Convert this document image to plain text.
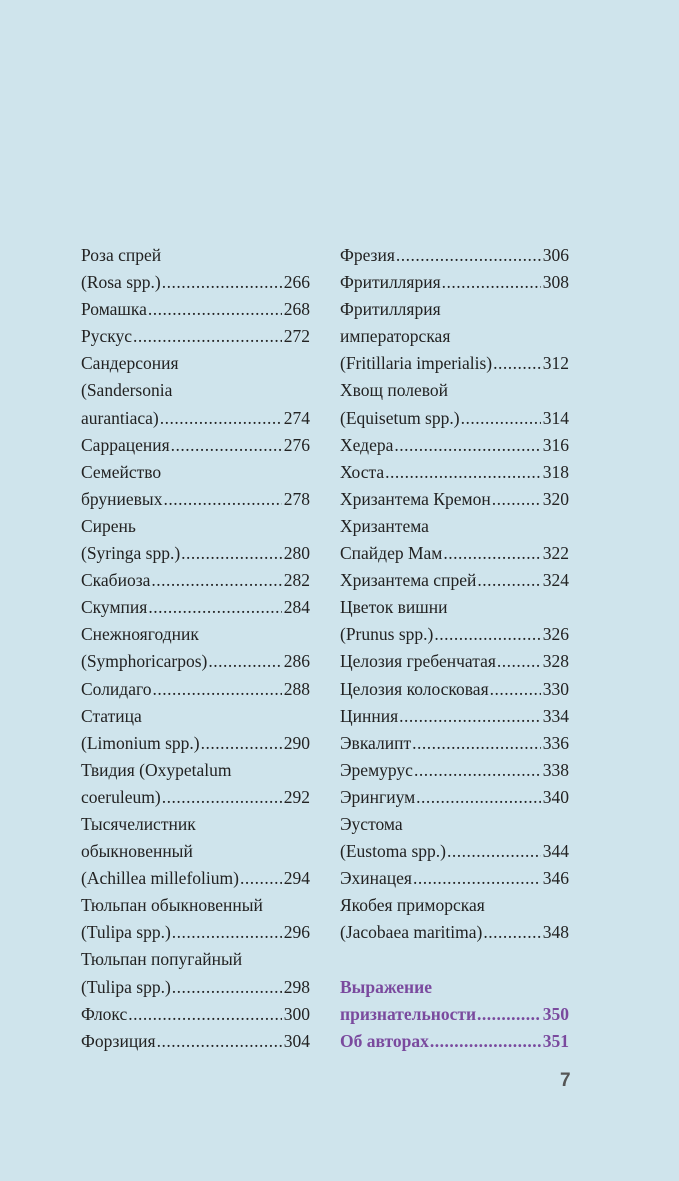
Роза спрей
(Rosa spp.) .....	266
Ромашка .....	268
Рускус .....	272
Сандерсония
(Sandersonia
aurantiaca) .....	274
Саррацения .....	276
Семейство
бруниевых .....	278
Сирень
(Syringa spp.) .....	280
Скабиоза .....	282
Скумпия .....	284
Снежноягодник
(Symphoricarpos) .....	286
Солидаго .....	288
Статица
(Limonium spp.) .....	290
Твидия (Oxypetalum
coeruleum) .....	292
Тысячелистник
обыкновенный
(Achillea millefolium) .....	294
Тюльпан обыкновенный
(Tulipa spp.) .....	296
Тюльпан попугайный
(Tulipa spp.) .....	298
Флокс .....	300
Форзиция .....	304
Фрезия .....	306
Фритиллярия .....	308
Фритиллярия
императорская
(Fritillaria imperialis) .....	312
Хвощ полевой
(Equisetum spp.) .....	314
Хедера .....	316
Хоста .....	318
Хризантема Кремон .....	320
Хризантема
Спайдер Мам .....	322
Хризантема спрей .....	324
Цветок вишни
(Prunus spp.) .....	326
Целозия гребенчатая .....	328
Целозия колосковая .....	330
Цинния .....	334
Эвкалипт .....	336
Эремурус .....	338
Эрингиум .....	340
Эустома
(Eustoma spp.) .....	344
Эхинацея .....	346
Якобея приморская
(Jacobaea maritima) .....	348
Выражение
признательности .....	350
Об авторах .....	351
7
